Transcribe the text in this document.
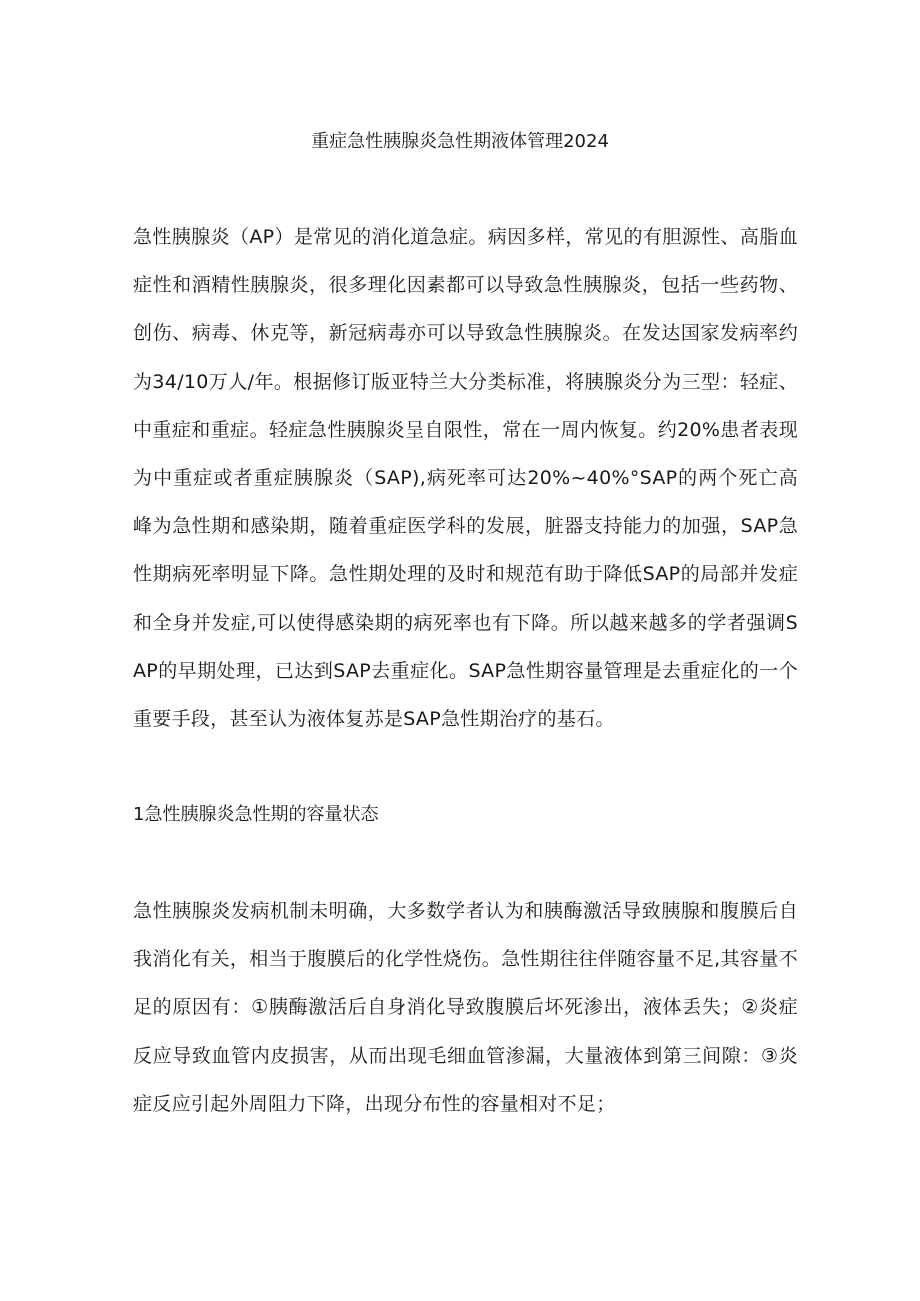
重症急性胰腺炎急性期液体管理2024

急性胰腺炎（AP）是常见的消化道急症。病因多样，常见的有胆源性、高脂血症性和酒精性胰腺炎，很多理化因素都可以导致急性胰腺炎，包括一些药物、创伤、病毒、休克等，新冠病毒亦可以导致急性胰腺炎。在发达国家发病率约为34/10万人/年。根据修订版亚特兰大分类标准，将胰腺炎分为三型：轻症、中重症和重症。轻症急性胰腺炎呈自限性，常在一周内恢复。约20%患者表现为中重症或者重症胰腺炎（SAP),病死率可达20%~40%°SAP的两个死亡高峰为急性期和感染期，随着重症医学科的发展，脏器支持能力的加强，SAP急性期病死率明显下降。急性期处理的及时和规范有助于降低SAP的局部并发症和全身并发症,可以使得感染期的病死率也有下降。所以越来越多的学者强调SAP的早期处理，已达到SAP去重症化。SAP急性期容量管理是去重症化的一个重要手段，甚至认为液体复苏是SAP急性期治疗的基石。

1急性胰腺炎急性期的容量状态

急性胰腺炎发病机制未明确，大多数学者认为和胰酶激活导致胰腺和腹膜后自我消化有关，相当于腹膜后的化学性烧伤。急性期往往伴随容量不足,其容量不足的原因有：①胰酶激活后自身消化导致腹膜后坏死渗出，液体丢失；②炎症反应导致血管内皮损害，从而出现毛细血管渗漏，大量液体到第三间隙：③炎症反应引起外周阻力下降，出现分布性的容量相对不足；
